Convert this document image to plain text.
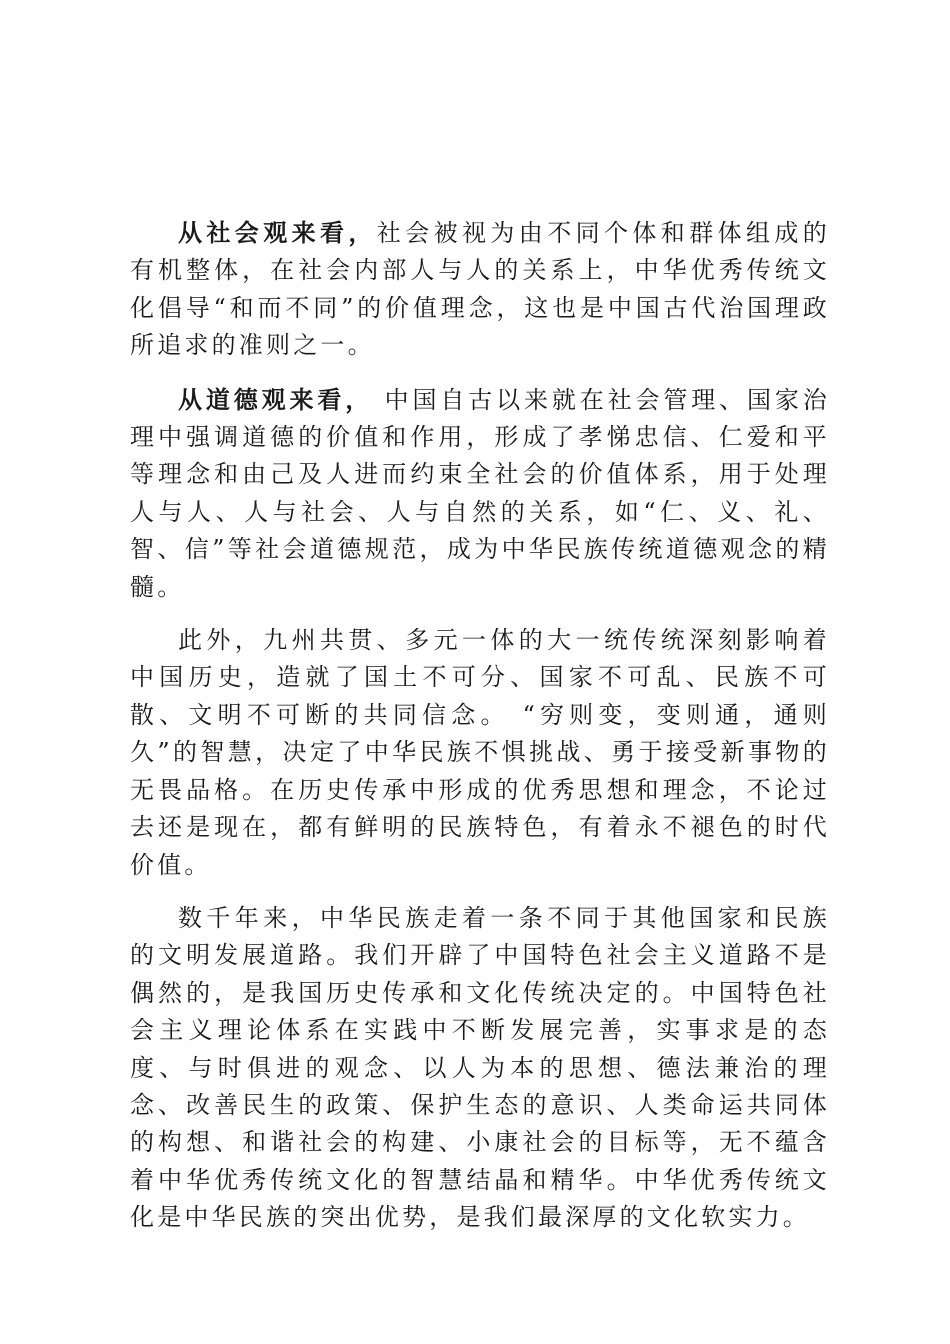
从社会观来看，社会被视为由不同个体和群体组成的有机整体，在社会内部人与人的关系上，中华优秀传统文化倡导“和而不同”的价值理念，这也是中国古代治国理政所追求的准则之一。

从道德观来看， 中国自古以来就在社会管理、国家治理中强调道德的价值和作用，形成了孝悌忠信、仁爱和平等理念和由己及人进而约束全社会的价值体系，用于处理人与人、人与社会、人与自然的关系，如“仁、义、礼、智、信”等社会道德规范，成为中华民族传统道德观念的精髓。

此外，九州共贯、多元一体的大一统传统深刻影响着中国历史，造就了国土不可分、国家不可乱、民族不可散、文明不可断的共同信念。 “穷则变，变则通，通则久”的智慧，决定了中华民族不惧挑战、勇于接受新事物的无畏品格。在历史传承中形成的优秀思想和理念，不论过去还是现在，都有鲜明的民族特色，有着永不褪色的时代价值。

数千年来，中华民族走着一条不同于其他国家和民族的文明发展道路。我们开辟了中国特色社会主义道路不是偶然的，是我国历史传承和文化传统决定的。中国特色社会主义理论体系在实践中不断发展完善，实事求是的态度、与时俱进的观念、以人为本的思想、德法兼治的理念、改善民生的政策、保护生态的意识、人类命运共同体的构想、和谐社会的构建、小康社会的目标等，无不蕴含着中华优秀传统文化的智慧结晶和精华。中华优秀传统文化是中华民族的突出优势，是我们最深厚的文化软实力。
